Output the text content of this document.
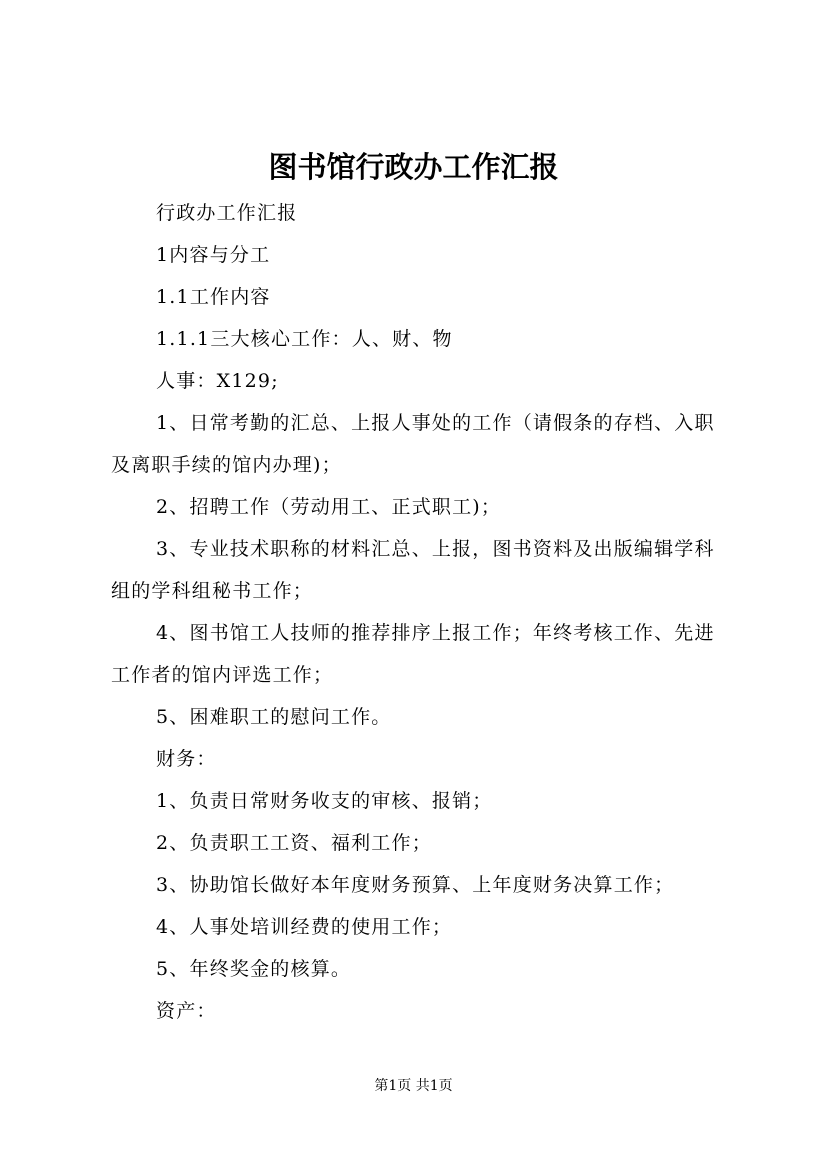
图书馆行政办工作汇报

行政办工作汇报

1内容与分工

1.1工作内容

1.1.1三大核心工作：人、财、物

人事：X129;

1、日常考勤的汇总、上报人事处的工作（请假条的存档、入职及离职手续的馆内办理)；

2、招聘工作（劳动用工、正式职工)；

3、专业技术职称的材料汇总、上报，图书资料及出版编辑学科组的学科组秘书工作；

4、图书馆工人技师的推荐排序上报工作；年终考核工作、先进工作者的馆内评选工作；

5、困难职工的慰问工作。

财务：

1、负责日常财务收支的审核、报销；

2、负责职工工资、福利工作；

3、协助馆长做好本年度财务预算、上年度财务决算工作；

4、人事处培训经费的使用工作；

5、年终奖金的核算。

资产：

第1页 共1页
